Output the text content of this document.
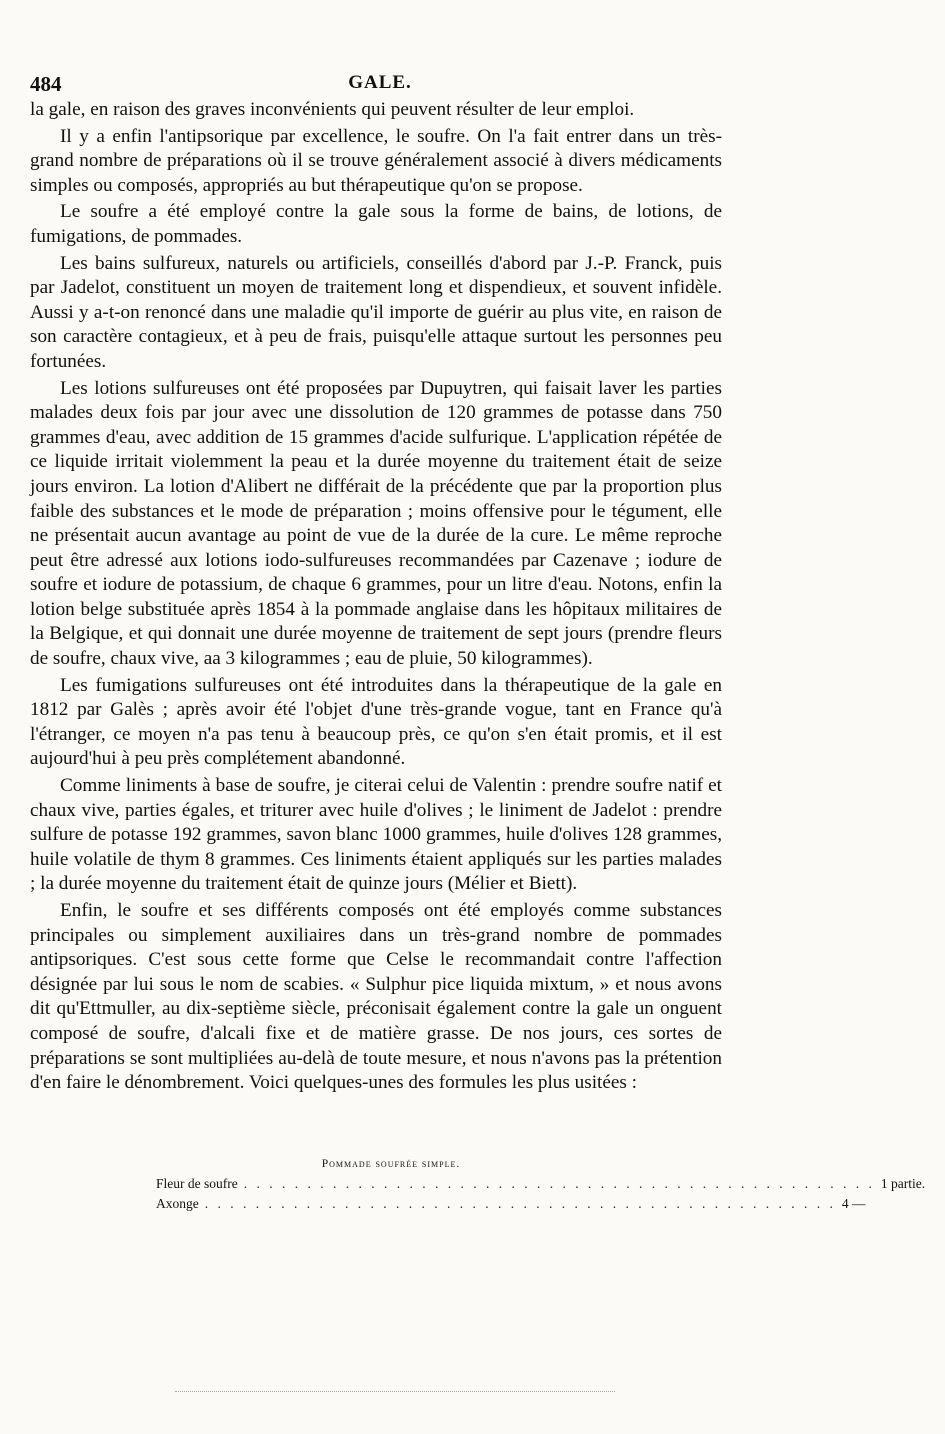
484	GALE.

la gale, en raison des graves inconvénients qui peuvent résulter de leur emploi.

Il y a enfin l'antipsorique par excellence, le soufre. On l'a fait entrer dans un très-grand nombre de préparations où il se trouve généralement associé à divers médicaments simples ou composés, appropriés au but thérapeutique qu'on se propose.

Le soufre a été employé contre la gale sous la forme de bains, de lotions, de fumigations, de pommades.

Les bains sulfureux, naturels ou artificiels, conseillés d'abord par J.-P. Franck, puis par Jadelot, constituent un moyen de traitement long et dispendieux, et souvent infidèle. Aussi y a-t-on renoncé dans une maladie qu'il importe de guérir au plus vite, en raison de son caractère contagieux, et à peu de frais, puisqu'elle attaque surtout les personnes peu fortunées.

Les lotions sulfureuses ont été proposées par Dupuytren, qui faisait laver les parties malades deux fois par jour avec une dissolution de 120 grammes de potasse dans 750 grammes d'eau, avec addition de 15 grammes d'acide sulfurique. L'application répétée de ce liquide irritait violemment la peau et la durée moyenne du traitement était de seize jours environ. La lotion d'Alibert ne différait de la précédente que par la proportion plus faible des substances et le mode de préparation ; moins offensive pour le tégument, elle ne présentait aucun avantage au point de vue de la durée de la cure. Le même reproche peut être adressé aux lotions iodo-sulfureuses recommandées par Cazenave ; iodure de soufre et iodure de potassium, de chaque 6 grammes, pour un litre d'eau. Notons, enfin la lotion belge substituée après 1854 à la pommade anglaise dans les hôpitaux militaires de la Belgique, et qui donnait une durée moyenne de traitement de sept jours (prendre fleurs de soufre, chaux vive, aa 3 kilogrammes ; eau de pluie, 50 kilogrammes).

Les fumigations sulfureuses ont été introduites dans la thérapeutique de la gale en 1812 par Galès ; après avoir été l'objet d'une très-grande vogue, tant en France qu'à l'étranger, ce moyen n'a pas tenu à beaucoup près, ce qu'on s'en était promis, et il est aujourd'hui à peu près complétement abandonné.

Comme liniments à base de soufre, je citerai celui de Valentin : prendre soufre natif et chaux vive, parties égales, et triturer avec huile d'olives ; le liniment de Jadelot : prendre sulfure de potasse 192 grammes, savon blanc 1000 grammes, huile d'olives 128 grammes, huile volatile de thym 8 grammes. Ces liniments étaient appliqués sur les parties malades ; la durée moyenne du traitement était de quinze jours (Mélier et Biett).

Enfin, le soufre et ses différents composés ont été employés comme substances principales ou simplement auxiliaires dans un très-grand nombre de pommades antipsoriques. C'est sous cette forme que Celse le recommandait contre l'affection désignée par lui sous le nom de scabies. « Sulphur pice liquida mixtum, » et nous avons dit qu'Ettmuller, au dix-septième siècle, préconisait également contre la gale un onguent composé de soufre, d'alcali fixe et de matière grasse. De nos jours, ces sortes de préparations se sont multipliées au-delà de toute mesure, et nous n'avons pas la prétention d'en faire le dénombrement. Voici quelques-unes des formules les plus usitées :

Pommade soufrée simple.
Fleur de soufre . . . . . . . . . . . . . . . . . . . . . . . . . . . . . . . . . . . . . . . . . . . . . . . . . . 1 partie.
Axonge . . . . . . . . . . . . . . . . . . . . . . . . . . . . . . . . . . . . . . . . . . . . . . . . . . 4 —
